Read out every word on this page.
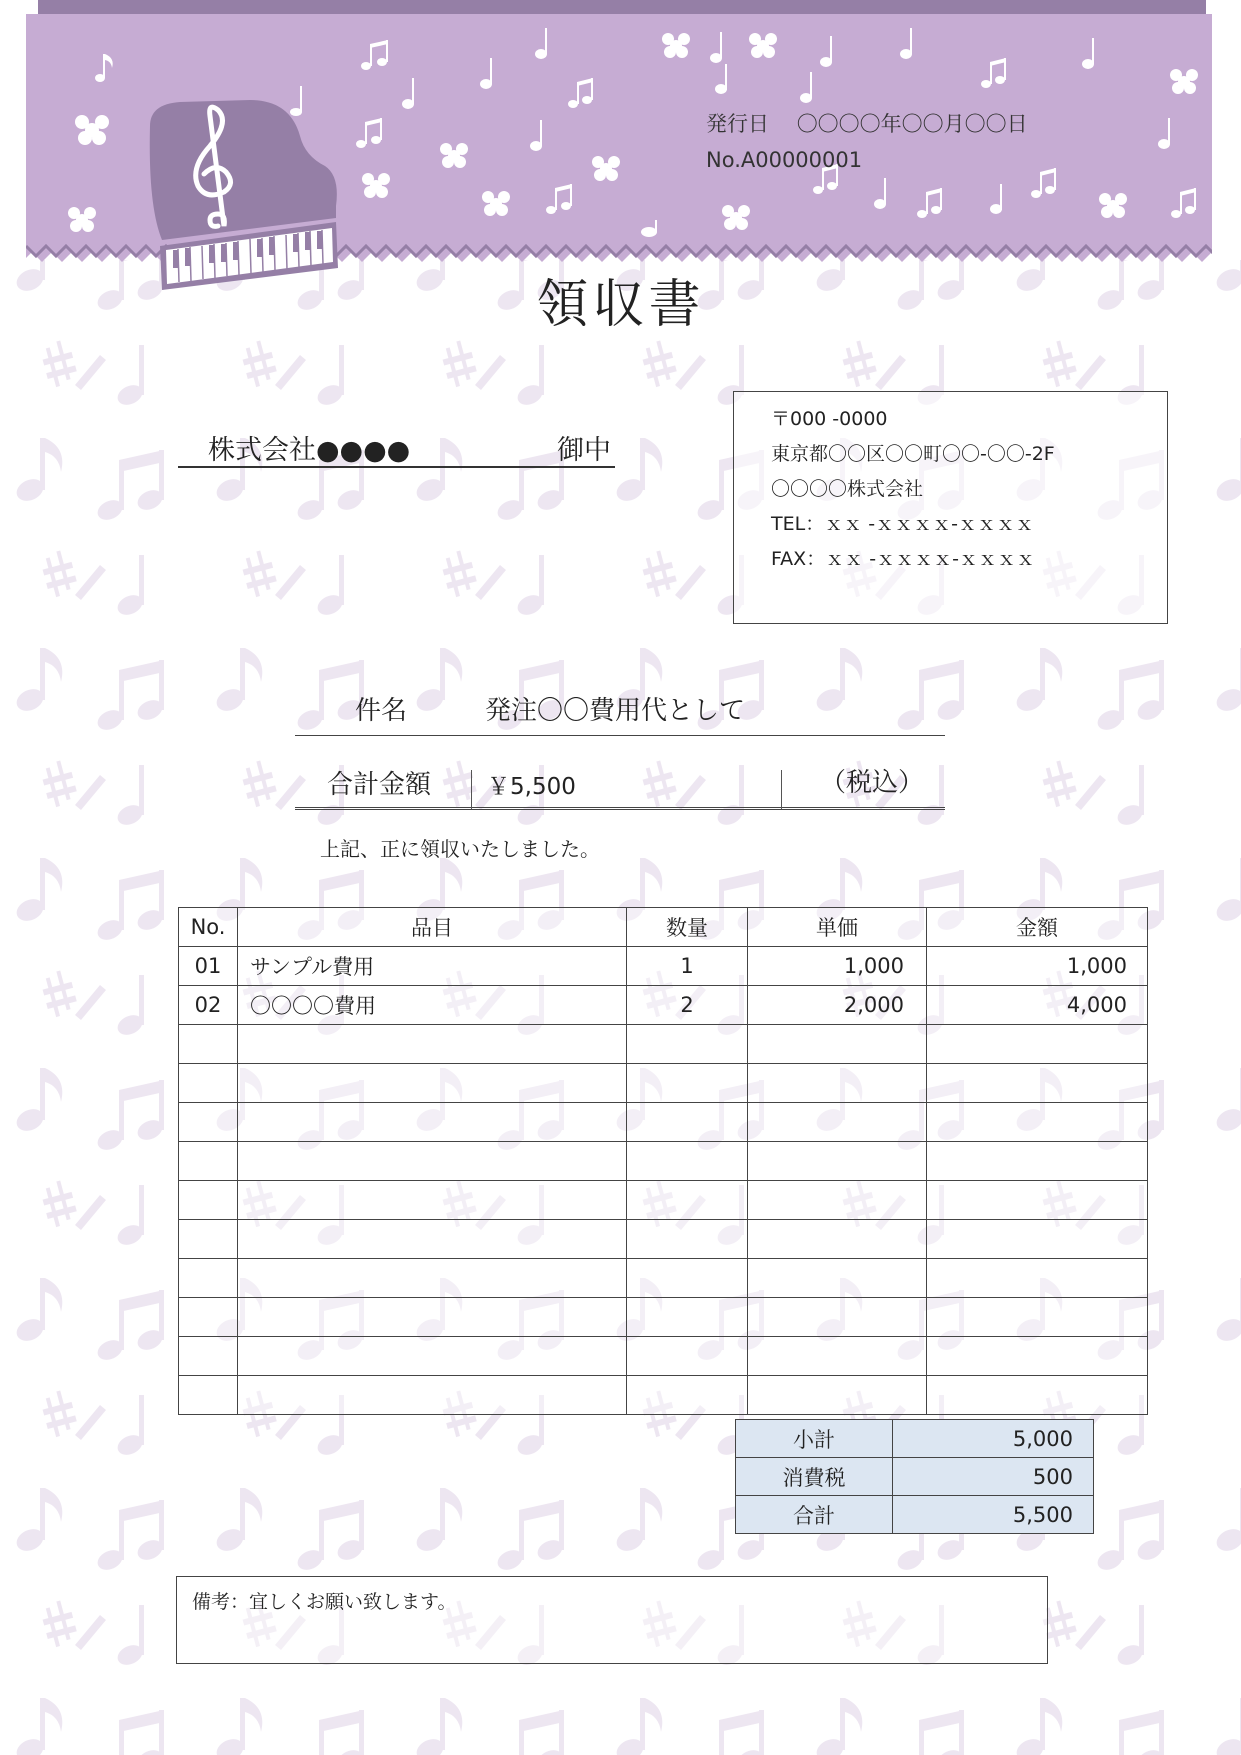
発行日　 〇〇〇〇年〇〇月〇〇日
No.A00000001
領収書
株式会社●●●●	御中
〒000 -0000
東京都〇〇区〇〇町〇〇-〇〇-2F
〇〇〇〇株式会社
TEL：ｘｘ -ｘｘｘｘ-ｘｘｘｘ
FAX：ｘｘ -ｘｘｘｘ-ｘｘｘｘ
件名	発注〇〇費用代として
合計金額 ￥5,500	（税込）
上記、正に領収いたしました。
No.	品目	数量	単価	金額
01	サンプル費用	1	1,000	1,000
02	〇〇〇〇費用	2	2,000	4,000

小計	5,000
消費税	500
合計	5,500
備考：宜しくお願い致します。
